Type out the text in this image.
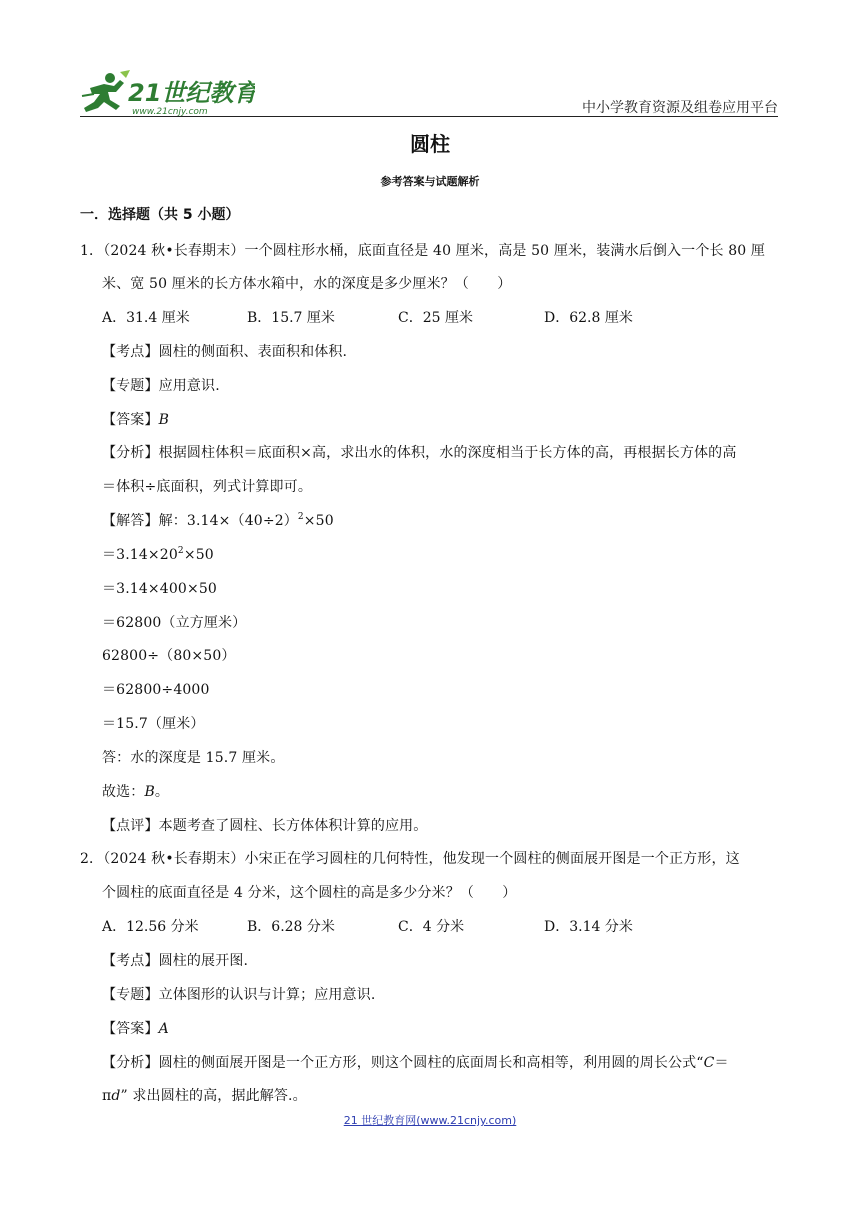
21世纪教育
www.21cnjy.com	中小学教育资源及组卷应用平台
圆柱
参考答案与试题解析
一．选择题（共 5 小题）
1．（2024 秋•长春期末）一个圆柱形水桶，底面直径是 40 厘米，高是 50 厘米，装满水后倒入一个长 80 厘
米、宽 50 厘米的长方体水箱中，水的深度是多少厘米？（　　）
A．31.4 厘米	B．15.7 厘米	C．25 厘米	D．62.8 厘米
【考点】圆柱的侧面积、表面积和体积.
【专题】应用意识.
【答案】B
【分析】根据圆柱体积＝底面积×高，求出水的体积，水的深度相当于长方体的高，再根据长方体的高
＝体积÷底面积，列式计算即可。
【解答】解：$3.14\times(40\div 2)^2\times 50$
$=3.14\times 20^2\times 50$
＝3.14×400×50
＝62800（立方厘米）
62800÷（80×50）
＝62800÷4000
＝15.7（厘米）
答：水的深度是 15.7 厘米。
故选：B。
【点评】本题考查了圆柱、长方体体积计算的应用。
2．（2024 秋•长春期末）小宋正在学习圆柱的几何特性，他发现一个圆柱的侧面展开图是一个正方形，这
个圆柱的底面直径是 4 分米，这个圆柱的高是多少分米？（　　）
A．12.56 分米	B．6.28 分米	C．4 分米	D．3.14 分米
【考点】圆柱的展开图.
【专题】立体图形的认识与计算；应用意识.
【答案】A
【分析】圆柱的侧面展开图是一个正方形，则这个圆柱的底面周长和高相等，利用圆的周长公式“C＝
πd” 求出圆柱的高，据此解答.。
21 世纪教育网(www.21cnjy.com)
